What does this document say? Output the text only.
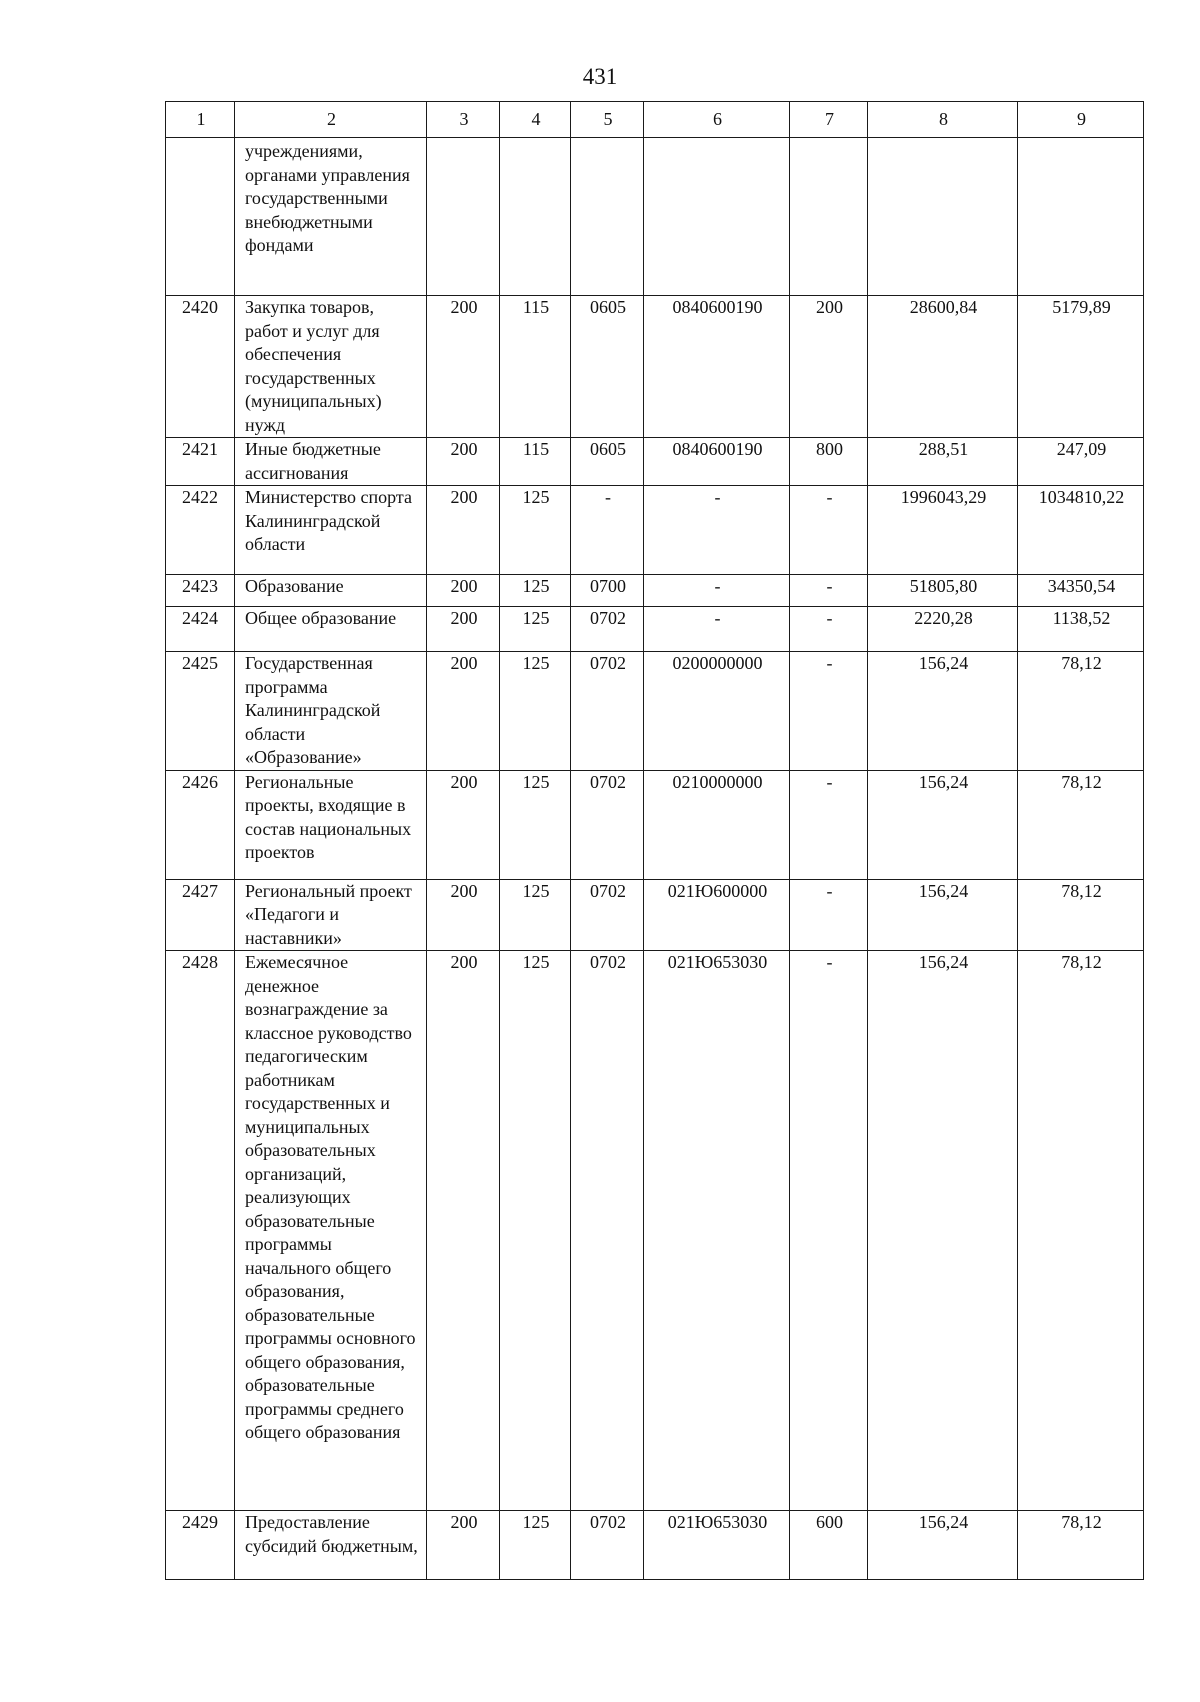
431
1	2	3	4	5	6	7	8	9
	учреждениями, органами управления государственными внебюджетными фондами							
2420	Закупка товаров, работ и услуг для обеспечения государственных (муниципальных) нужд	200	115	0605	0840600190	200	28600,84	5179,89
2421	Иные бюджетные ассигнования	200	115	0605	0840600190	800	288,51	247,09
2422	Министерство спорта Калининградской области	200	125	-	-	-	1996043,29	1034810,22
2423	Образование	200	125	0700	-	-	51805,80	34350,54
2424	Общее образование	200	125	0702	-	-	2220,28	1138,52
2425	Государственная программа Калининградской области «Образование»	200	125	0702	0200000000	-	156,24	78,12
2426	Региональные проекты, входящие в состав национальных проектов	200	125	0702	0210000000	-	156,24	78,12
2427	Региональный проект «Педагоги и наставники»	200	125	0702	021Ю600000	-	156,24	78,12
2428	Ежемесячное денежное вознаграждение за классное руководство педагогическим работникам государственных и муниципальных образовательных организаций, реализующих образовательные программы начального общего образования, образовательные программы основного общего образования, образовательные программы среднего общего образования	200	125	0702	021Ю653030	-	156,24	78,12
2429	Предоставление субсидий бюджетным,	200	125	0702	021Ю653030	600	156,24	78,12
